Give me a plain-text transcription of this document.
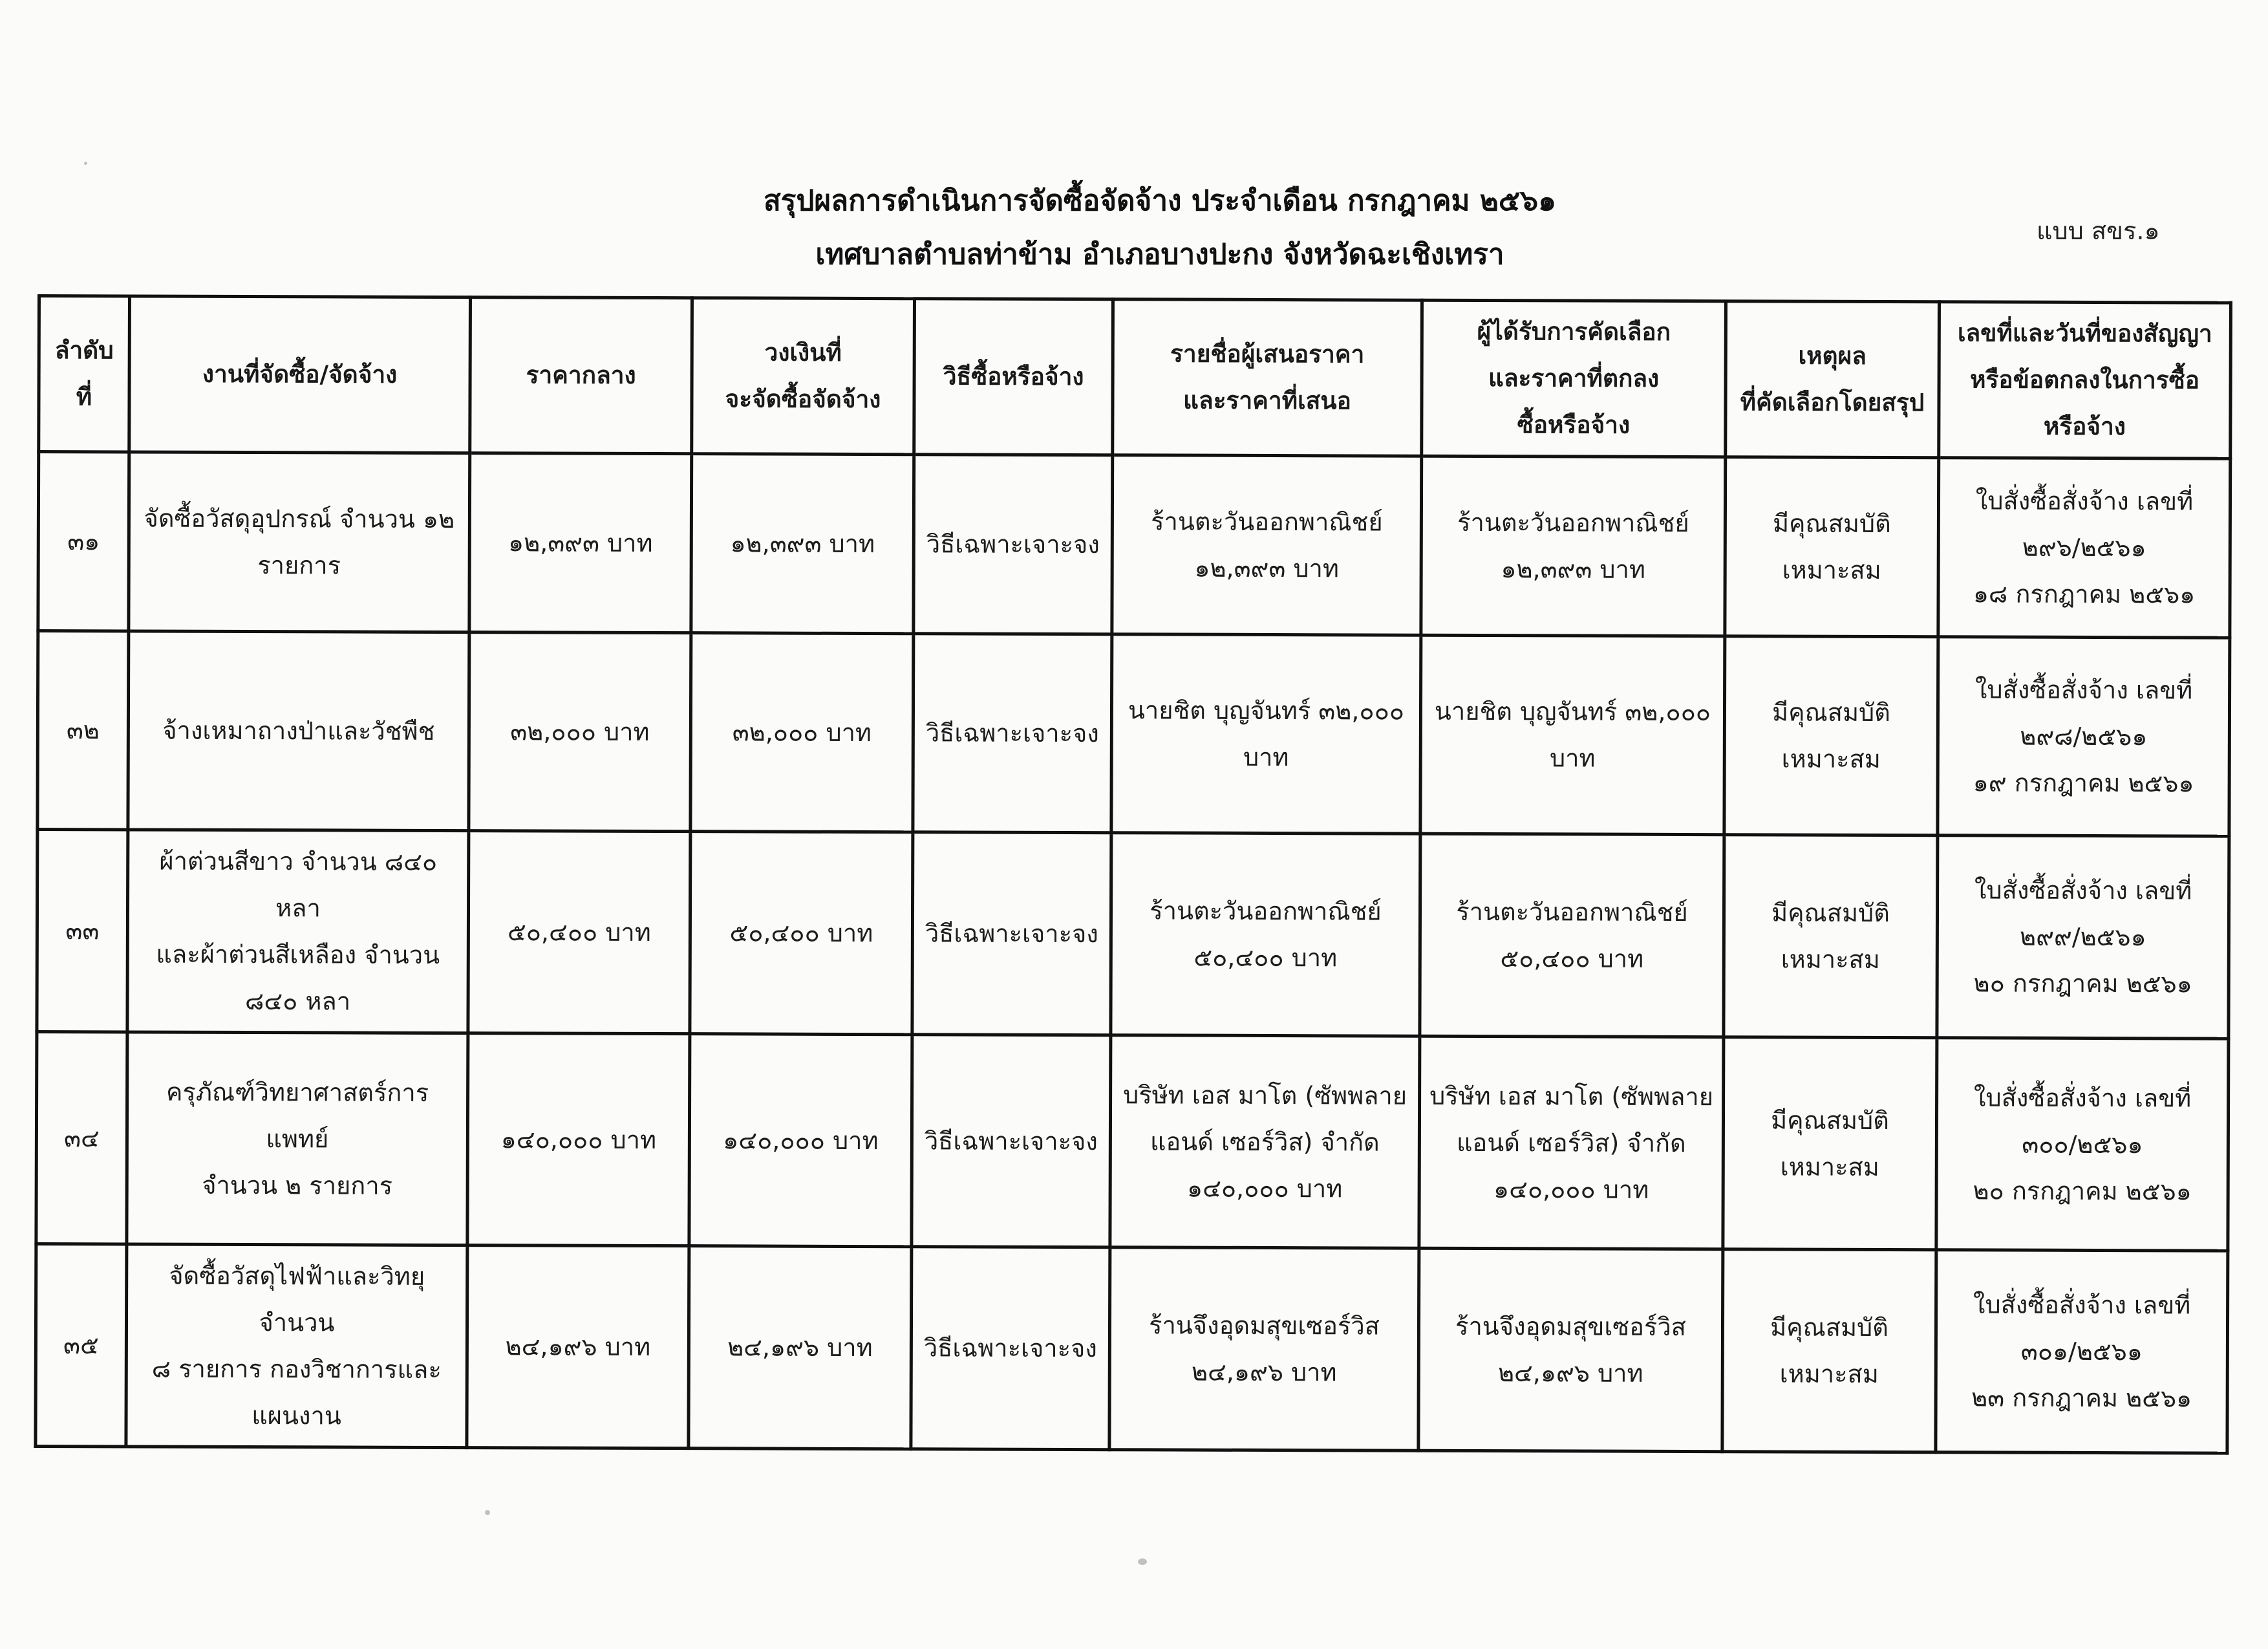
สรุปผลการดำเนินการจัดซื้อจัดจ้าง ประจำเดือน กรกฎาคม ๒๕๖๑
เทศบาลตำบลท่าข้าม อำเภอบางปะกง จังหวัดฉะเชิงเทรา
แบบ สขร.๑
ลำดับที่	งานที่จัดซื้อ/จัดจ้าง	ราคากลาง	วงเงินที่
จะจัดซื้อจัดจ้าง	วิธีซื้อหรือจ้าง	รายชื่อผู้เสนอราคา
และราคาที่เสนอ	ผู้ได้รับการคัดเลือก
และราคาที่ตกลง
ซื้อหรือจ้าง	เหตุผล
ที่คัดเลือกโดยสรุป	เลขที่และวันที่ของสัญญา
หรือข้อตกลงในการซื้อ
หรือจ้าง

๓๑	จัดซื้อวัสดุอุปกรณ์ จำนวน ๑๒
รายการ	๑๒,๓๙๓ บาท	๑๒,๓๙๓ บาท	วิธีเฉพาะเจาะจง	ร้านตะวันออกพาณิชย์
๑๒,๓๙๓ บาท	ร้านตะวันออกพาณิชย์
๑๒,๓๙๓ บาท	มีคุณสมบัติ
เหมาะสม	ใบสั่งซื้อสั่งจ้าง เลขที่
๒๙๖/๒๕๖๑
๑๘ กรกฎาคม ๒๕๖๑

๓๒	จ้างเหมาถางป่าและวัชพืช	๓๒,๐๐๐ บาท	๓๒,๐๐๐ บาท	วิธีเฉพาะเจาะจง	นายชิต บุญจันทร์ ๓๒,๐๐๐
บาท	นายชิต บุญจันทร์ ๓๒,๐๐๐
บาท	มีคุณสมบัติ
เหมาะสม	ใบสั่งซื้อสั่งจ้าง เลขที่
๒๙๘/๒๕๖๑
๑๙ กรกฎาคม ๒๕๖๑

๓๓	ผ้าต่วนสีขาว จำนวน ๘๔๐ หลา
และผ้าต่วนสีเหลือง จำนวน
๘๔๐ หลา	๕๐,๔๐๐ บาท	๕๐,๔๐๐ บาท	วิธีเฉพาะเจาะจง	ร้านตะวันออกพาณิชย์
๕๐,๔๐๐ บาท	ร้านตะวันออกพาณิชย์
๕๐,๔๐๐ บาท	มีคุณสมบัติ
เหมาะสม	ใบสั่งซื้อสั่งจ้าง เลขที่
๒๙๙/๒๕๖๑
๒๐ กรกฎาคม ๒๕๖๑

๓๔	ครุภัณฑ์วิทยาศาสตร์การแพทย์
จำนวน ๒ รายการ	๑๔๐,๐๐๐ บาท	๑๔๐,๐๐๐ บาท	วิธีเฉพาะเจาะจง	บริษัท เอส มาโต (ซัพพลาย
แอนด์ เซอร์วิส) จำกัด
๑๔๐,๐๐๐ บาท	บริษัท เอส มาโต (ซัพพลาย
แอนด์ เซอร์วิส) จำกัด
๑๔๐,๐๐๐ บาท	มีคุณสมบัติ
เหมาะสม	ใบสั่งซื้อสั่งจ้าง เลขที่
๓๐๐/๒๕๖๑
๒๐ กรกฎาคม ๒๕๖๑

๓๕	จัดซื้อวัสดุไฟฟ้าและวิทยุ จำนวน
๘ รายการ กองวิชาการและ
แผนงาน	๒๔,๑๙๖ บาท	๒๔,๑๙๖ บาท	วิธีเฉพาะเจาะจง	ร้านจึงอุดมสุขเซอร์วิส
๒๔,๑๙๖ บาท	ร้านจึงอุดมสุขเซอร์วิส
๒๔,๑๙๖ บาท	มีคุณสมบัติ
เหมาะสม	ใบสั่งซื้อสั่งจ้าง เลขที่
๓๐๑/๒๕๖๑
๒๓ กรกฎาคม ๒๕๖๑
